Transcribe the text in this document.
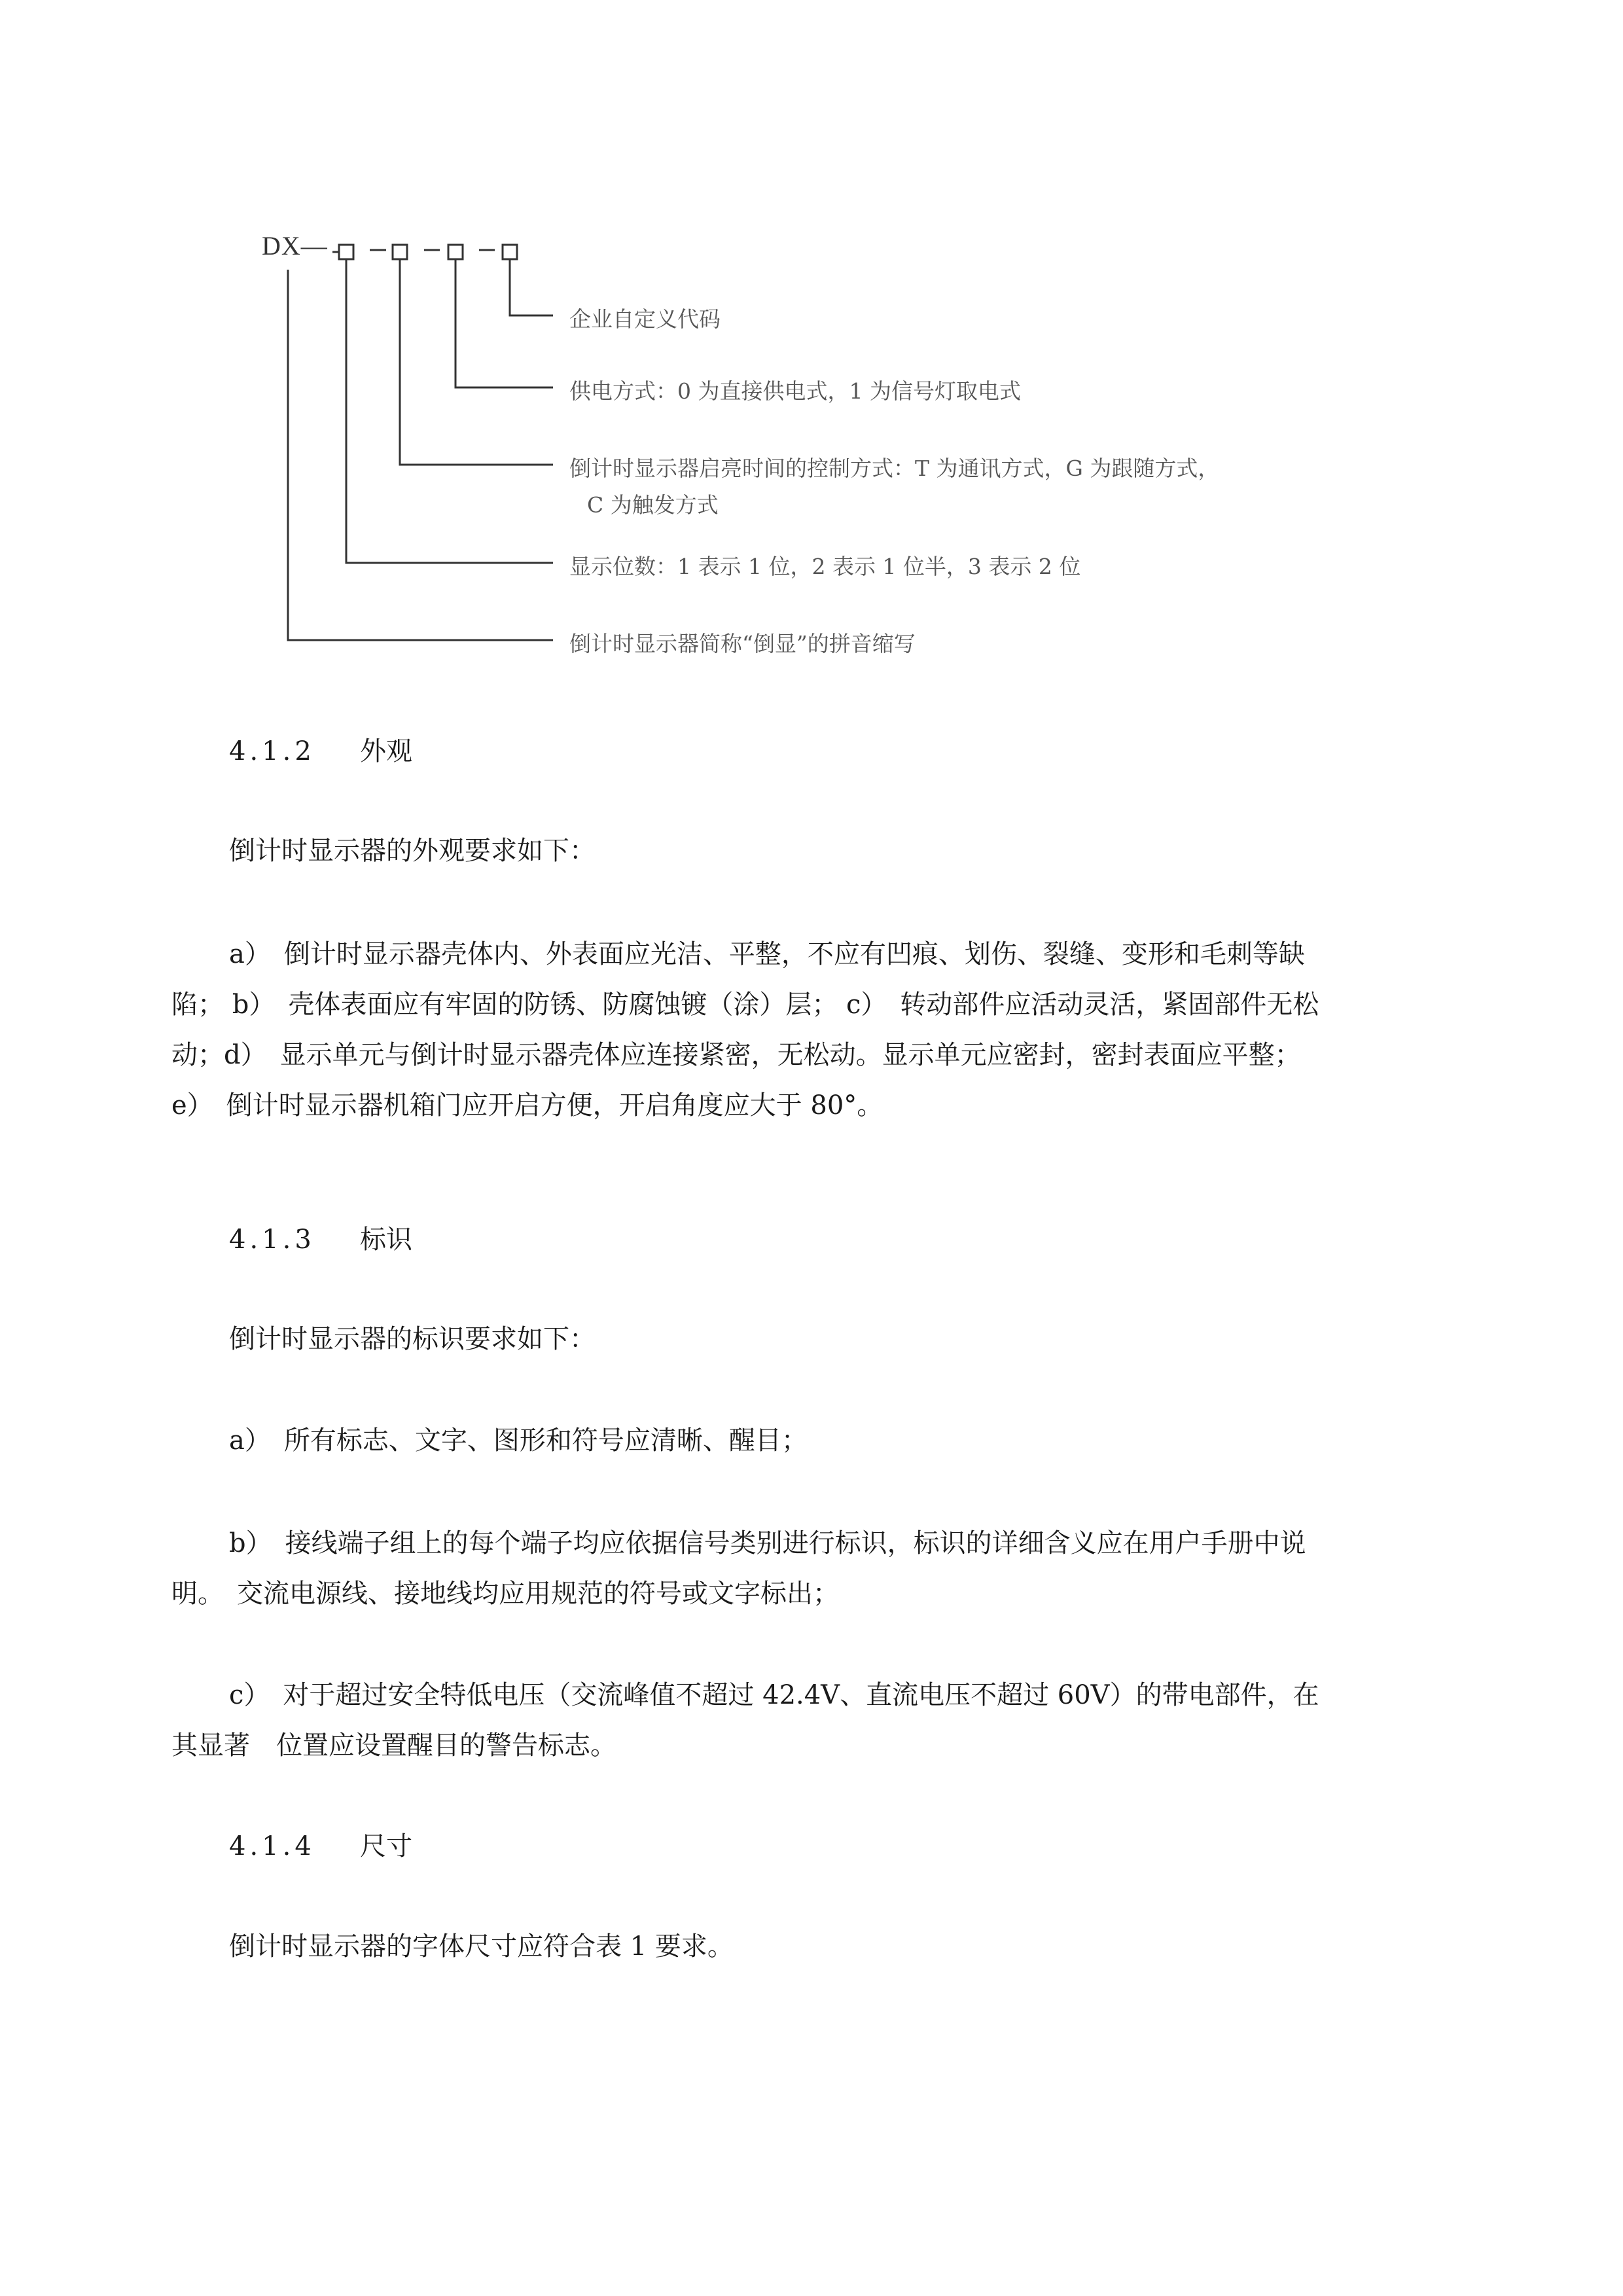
DX—
企业自定义代码
供电方式：0 为直接供电式，1 为信号灯取电式
倒计时显示器启亮时间的控制方式：T 为通讯方式，G 为跟随方式，
C 为触发方式
显示位数：1 表示 1 位，2 表示 1 位半，3 表示 2 位
倒计时显示器简称“倒显”的拼音缩写
4.1.2 外观
倒计时显示器的外观要求如下：
a）　倒计时显示器壳体内、外表面应光洁、平整，不应有凹痕、划伤、裂缝、变形和毛刺等缺陷； b）　壳体表面应有牢固的防锈、防腐蚀镀（涂）层； c）　转动部件应活动灵活，紧固部件无松动；d）　显示单元与倒计时显示器壳体应连接紧密，无松动。显示单元应密封，密封表面应平整； e）　倒计时显示器机箱门应开启方便，开启角度应大于 80°。
4.1.3 标识
倒计时显示器的标识要求如下：
a）　所有标志、文字、图形和符号应清晰、醒目；
b）　接线端子组上的每个端子均应依据信号类别进行标识，标识的详细含义应在用户手册中说明。　交流电源线、接地线均应用规范的符号或文字标出；
c）　对于超过安全特低电压（交流峰值不超过 42.4V、直流电压不超过 60V）的带电部件，在其显著　位置应设置醒目的警告标志。
4.1.4 尺寸
倒计时显示器的字体尺寸应符合表 1 要求。
